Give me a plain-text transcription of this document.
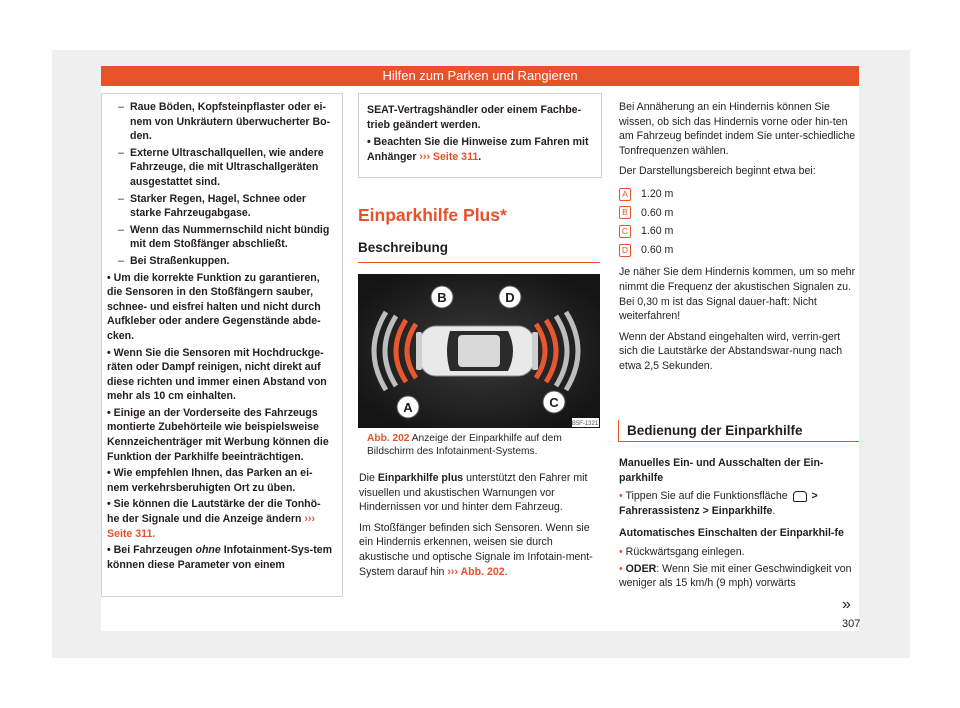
Hilfen zum Parken und Rangieren
– Raue Böden, Kopfsteinpflaster oder ei-nem von Unkräutern überwucherter Bo-den.
– Externe Ultraschallquellen, wie andere Fahrzeuge, die mit Ultraschallgeräten ausgestattet sind.
– Starker Regen, Hagel, Schnee oder starke Fahrzeugabgase.
– Wenn das Nummernschild nicht bündig mit dem Stoßfänger abschließt.
– Bei Straßenkuppen.
• Um die korrekte Funktion zu garantieren, die Sensoren in den Stoßfängern sauber, schnee- und eisfrei halten und nicht durch Aufkleber oder andere Gegenstände abde-cken.
• Wenn Sie die Sensoren mit Hochdruckge-räten oder Dampf reinigen, nicht direkt auf diese richten und immer einen Abstand von mehr als 10 cm einhalten.
• Einige an der Vorderseite des Fahrzeugs montierte Zubehörteile wie beispielsweise Kennzeichenträger mit Werbung können die Funktion der Parkhilfe beeinträchtigen.
• Wie empfehlen Ihnen, das Parken an ei-nem verkehrsberuhigten Ort zu üben.
• Sie können die Lautstärke der die Tonhö-he der Signale und die Anzeige ändern ››› Seite 311.
• Bei Fahrzeugen ohne Infotainment-Sys-tem können diese Parameter von einem
SEAT-Vertragshändler oder einem Fachbe-trieb geändert werden.
• Beachten Sie die Hinweise zum Fahren mit Anhänger ››› Seite 311.
Einparkhilfe Plus*
Beschreibung
A
B
C
D
B5F-1321
Abb. 202 Anzeige der Einparkhilfe auf dem Bildschirm des Infotainment-Systems.

Die Einparkhilfe plus unterstützt den Fahrer mit visuellen und akustischen Warnungen vor Hindernissen vor und hinter dem Fahrzeug.

Im Stoßfänger befinden sich Sensoren. Wenn sie ein Hindernis erkennen, weisen sie durch akustische und optische Signale im Infotain-ment-System darauf hin ››› Abb. 202.

Bei Annäherung an ein Hindernis können Sie wissen, ob sich das Hindernis vorne oder hin-ten am Fahrzeug befindet indem Sie unter-schiedliche Tonfrequenzen wählen.

Der Darstellungsbereich beginnt etwa bei:

A 1.20 m
B 0.60 m
C 1.60 m
D 0.60 m

Je näher Sie dem Hindernis kommen, um so mehr nimmt die Frequenz der akustischen Signalen zu. Bei 0,30 m ist das Signal dauer-haft: Nicht weiterfahren!

Wenn der Abstand eingehalten wird, verrin-gert sich die Lautstärke der Abstandswar-nung nach etwa 2,5 Sekunden.

Bedienung der Einparkhilfe

Manuelles Ein- und Ausschalten der Ein-parkhilfe

• Tippen Sie auf die Funktionsfläche  >
Fahrerassistenz > Einparkhilfe.

Automatisches Einschalten der Einparkhil-fe

• Rückwärtsgang einlegen.
• ODER: Wenn Sie mit einer Geschwindigkeit von weniger als 15 km/h (9 mph) vorwärts
»
307
